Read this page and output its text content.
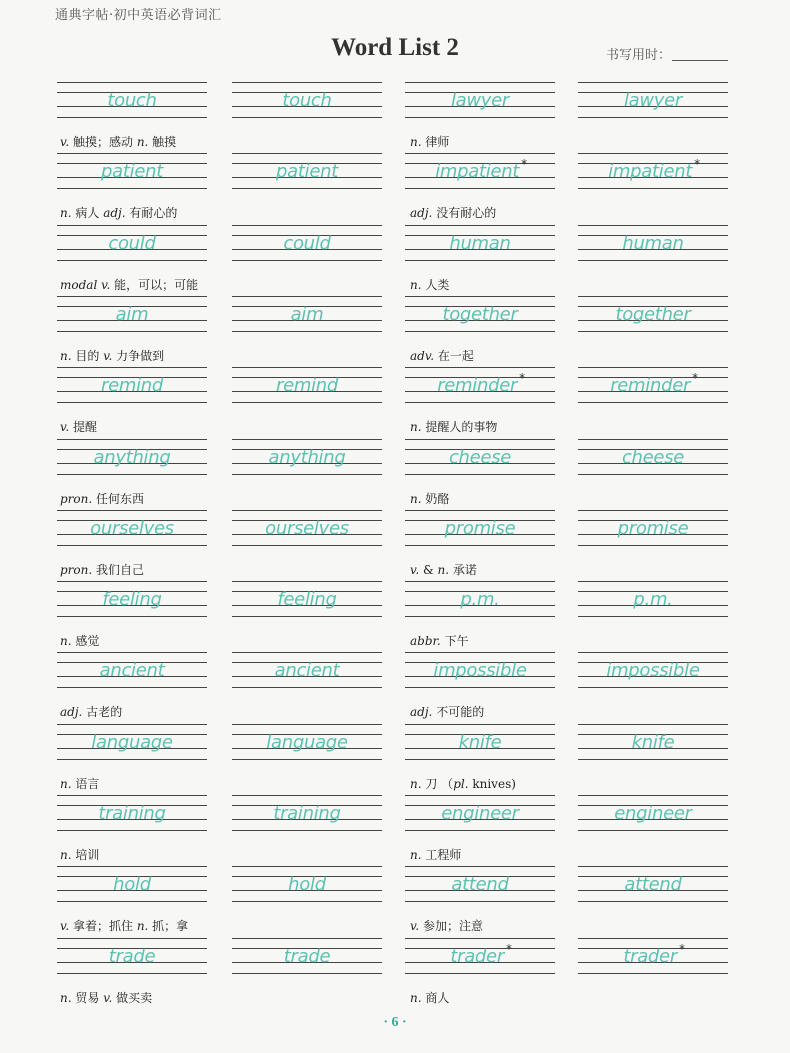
通典字帖·初中英语必背词汇
Word List 2	书写用时：
touch	touch	lawyer	lawyer
v. 触摸；感动 n. 触摸	n. 律师
patient	patient	impatient *	impatient *
n. 病人 adj. 有耐心的	adj. 没有耐心的
could	could	human	human
modal v. 能，可以；可能	n. 人类
aim	aim	together	together
n. 目的 v. 力争做到	adv. 在一起
remind	remind	reminder *	reminder *
v. 提醒	n. 提醒人的事物
anything	anything	cheese	cheese
pron. 任何东西	n. 奶酪
ourselves	ourselves	promise	promise
pron. 我们自己	v. & n. 承诺
feeling	feeling	p.m.	p.m.
n. 感觉	abbr. 下午
ancient	ancient	impossible	impossible
adj. 古老的	adj. 不可能的
language	language	knife	knife
n. 语言	n. 刀 （pl. knives)
training	training	engineer	engineer
n. 培训	n. 工程师
hold	hold	attend	attend
v. 拿着；抓住 n. 抓；拿	v. 参加；注意
trade	trade	trader *	trader *
n. 贸易 v. 做买卖	n. 商人
· 6 ·
